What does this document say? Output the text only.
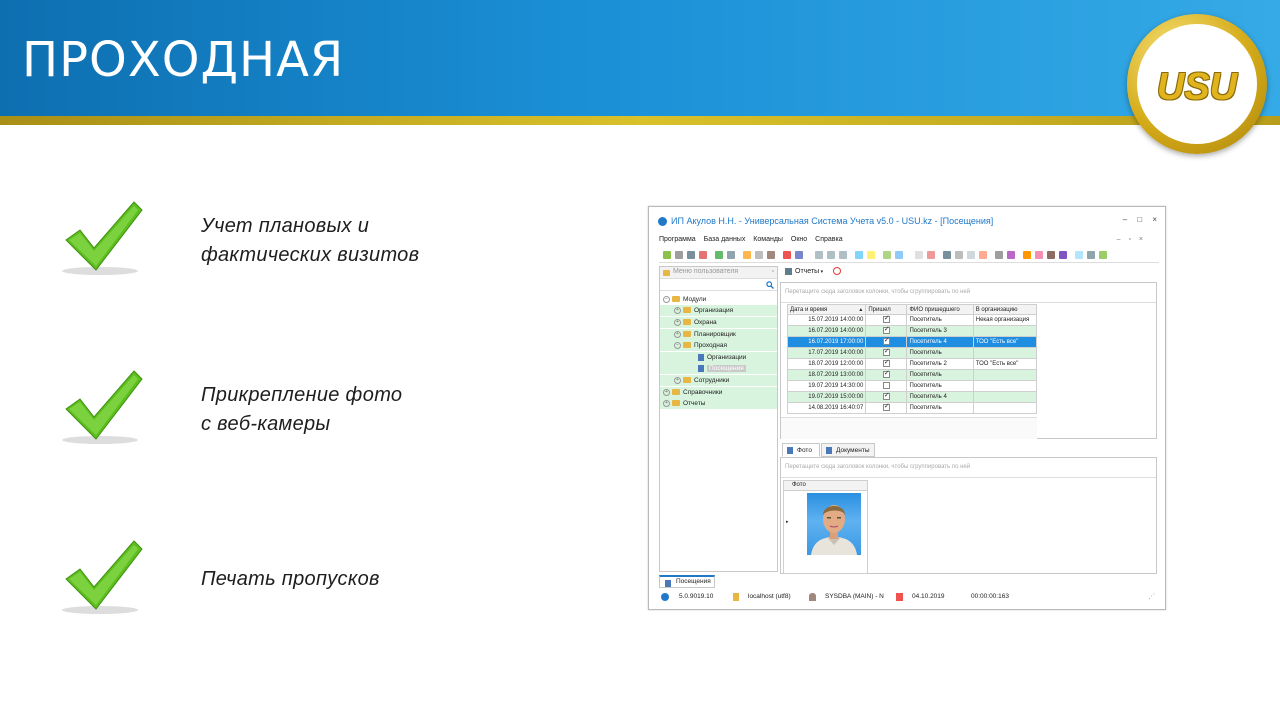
ПРОХОДНАЯ	USU
Учет плановых и
фактических визитов
Прикрепление фото
с веб-камеры
Печать пропусков
ИП Акулов Н.Н. - Универсальная Система Учета v5.0 - USU.kz - [Посещения]	– □ ×
Программа База данных Команды Окно Справка	– ▫ ×
Меню пользователя	▫
− Модули
+ Организация
+ Охрана
+ Планировщик
− Проходная
Организации
Посещения
+ Сотрудники
+ Справочники
+ Отчеты
Отчеты ▾
Перетащите сюда заголовок колонки, чтобы сгруппировать по ней
Дата и время ▲	Пришел	ФИО пришедшего	В организацию
15.07.2019 14:00:00	✓	Посетитель	Некая организация
16.07.2019 14:00:00	✓	Посетитель 3	
16.07.2019 17:00:00	✓	Посетитель 4	ТОО "Есть все"
17.07.2019 14:00:00	✓	Посетитель	
18.07.2019 12:00:00	✓	Посетитель 2	ТОО "Есть все"
18.07.2019 13:00:00	✓	Посетитель	
19.07.2019 14:30:00		Посетитель	
19.07.2019 15:00:00	✓	Посетитель 4	
14.08.2019 16:40:07	✓	Посетитель	
Фото	Документы
Перетащите сюда заголовок колонки, чтобы сгруппировать по ней
Фото
▸
Посещения
5.0.9019.10	localhost (utf8)	SYSDBA (MAIN) - N	04.10.2019	00:00:00:163	⋰
